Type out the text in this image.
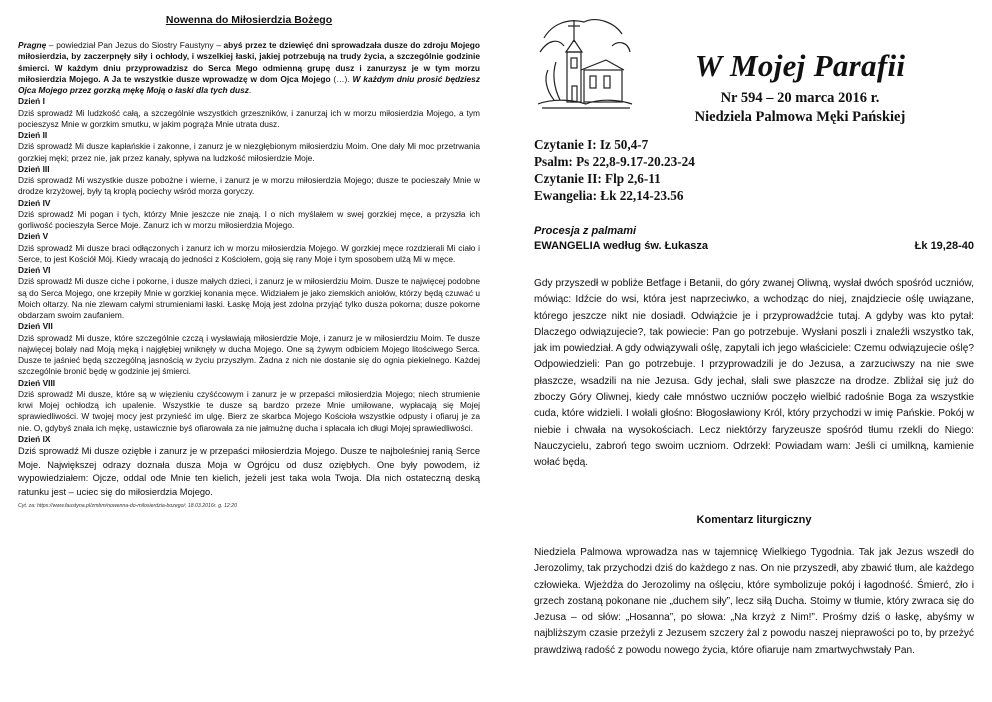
Nowenna do Miłosierdzia Bożego

Pragnę – powiedział Pan Jezus do Siostry Faustyny – abyś przez te dziewięć dni sprowadzała dusze do zdroju Mojego miłosierdzia, by zaczerpnęły siły i ochłody, i wszelkiej łaski, jakiej potrzebują na trudy życia, a szczególnie godzinie śmierci. W każdym dniu przyprowadzisz do Serca Mego odmienną grupę dusz i zanurzysz je w tym morzu miłosierdzia Mojego. A Ja te wszystkie dusze wprowadzę w dom Ojca Mojego (…). W każdym dniu prosić będziesz Ojca Mojego przez gorzką mękę Moją o łaski dla tych dusz.

Dzień I

Dziś sprowadź Mi ludzkość całą, a szczególnie wszystkich grzeszników, i zanurzaj ich w morzu miłosierdzia Mojego, a tym pocieszysz Mnie w gorzkim smutku, w jakim pogrąża Mnie utrata dusz.

Dzień II

Dziś sprowadź Mi dusze kapłańskie i zakonne, i zanurz je w niezgłębionym miłosierdziu Moim. One dały Mi moc przetrwania gorzkiej męki; przez nie, jak przez kanały, spływa na ludzkość miłosierdzie Moje.

Dzień III

Dziś sprowadź Mi wszystkie dusze pobożne i wierne, i zanurz je w morzu miłosierdzia Mojego; dusze te pocieszały Mnie w drodze krzyżowej, były tą kroplą pociechy wśród morza goryczy.

Dzień IV

Dziś sprowadź Mi pogan i tych, którzy Mnie jeszcze nie znają. I o nich myślałem w swej gorzkiej męce, a przyszła ich gorliwość pocieszyła Serce Moje. Zanurz ich w morzu miłosierdzia Mojego.

Dzień V

Dziś sprowadź Mi dusze braci odłączonych i zanurz ich w morzu miłosierdzia Mojego. W gorzkiej męce rozdzierali Mi ciało i Serce, to jest Kościół Mój. Kiedy wracają do jedności z Kościołem, goją się rany Moje i tym sposobem ulżą Mi w męce.

Dzień VI

Dziś sprowadź Mi dusze ciche i pokorne, i dusze małych dzieci, i zanurz je w miłosierdziu Moim. Dusze te najwięcej podobne są do Serca Mojego, one krzepiły Mnie w gorzkiej konania męce. Widziałem je jako ziemskich aniołów, którzy będą czuwać u Moich ołtarzy. Na nie zlewam całymi strumieniami łaski. Łaskę Moją jest zdolna przyjąć tylko dusza pokorna; dusze pokorne obdarzam swoim zaufaniem.

Dzień VII

Dziś sprowadź Mi dusze, które szczególnie czczą i wysławiają miłosierdzie Moje, i zanurz je w miłosierdziu Moim. Te dusze najwięcej bolały nad Moją męką i najgłębiej wniknęły w ducha Mojego. One są żywym odbiciem Mojego litościwego Serca. Dusze te jaśnieć będą szczególną jasnością w życiu przyszłym. Żadna z nich nie dostanie się do ognia piekielnego. Każdej szczególnie bronić będę w godzinie jej śmierci.

Dzień VIII

Dziś sprowadź Mi dusze, które są w więzieniu czyśćcowym i zanurz je w przepaści miłosierdzia Mojego; niech strumienie krwi Mojej ochłodzą ich upalenie. Wszystkie te dusze są bardzo przeze Mnie umiłowane, wypłacają się Mojej sprawiedliwości. W twojej mocy jest przynieść im ulgę. Bierz ze skarbca Mojego Kościoła wszystkie odpusty i ofiaruj je za nie. O, gdybyś znała ich mękę, ustawicznie byś ofiarowała za nie jałmużnę ducha i spłacała ich długi Mojej sprawiedliwości.

Dzień IX

Dziś sprowadź Mi dusze oziębłe i zanurz je w przepaści miłosierdzia Mojego. Dusze te najboleśniej ranią Serce Moje. Największej odrazy doznała dusza Moja w Ogrójcu od dusz oziębłych. One były powodem, iż wypowiedziałem: Ojcze, oddal ode Mnie ten kielich, jeżeli jest taka wola Twoja. Dla nich ostateczną deską ratunku jest – uciec się do miłosierdzia Mojego.

Cyt. za: https://www.faustyna.pl/zmbm/nowenna-do-milosierdzia-bozego/; 18.03.2016r. g. 12:20
W Mojej Parafii
Nr 594 – 20 marca 2016 r.
Niedziela Palmowa Męki Pańskiej
Czytanie I: Iz 50,4-7
Psalm: Ps 22,8-9.17-20.23-24
Czytanie II: Flp 2,6-11
Ewangelia: Łk 22,14-23.56
Procesja z palmami
EWANGELIA według św. Łukasza	Łk 19,28-40

Gdy przyszedł w pobliże Betfage i Betanii, do góry zwanej Oliwną, wysłał dwóch spośród uczniów, mówiąc: Idźcie do wsi, która jest naprzeciwko, a wchodząc do niej, znajdziecie oślę uwiązane, którego jeszcze nikt nie dosiadł. Odwiążcie je i przyprowadźcie tutaj. A gdyby was kto pytał: Dlaczego odwiązujecie?, tak powiecie: Pan go potrzebuje. Wysłani poszli i znaleźli wszystko tak, jak im powiedział. A gdy odwiązywali oślę, zapytali ich jego właściciele: Czemu odwiązujecie oślę? Odpowiedzieli: Pan go potrzebuje. I przyprowadzili je do Jezusa, a zarzuciwszy na nie swe płaszcze, wsadzili na nie Jezusa. Gdy jechał, słali swe płaszcze na drodze. Zbliżał się już do zboczy Góry Oliwnej, kiedy całe mnóstwo uczniów poczęło wielbić radośnie Boga za wszystkie cuda, które widzieli. I wołali głośno: Błogosławiony Król, który przychodzi w imię Pańskie. Pokój w niebie i chwała na wysokościach. Lecz niektórzy faryzeusze spośród tłumu rzekli do Niego: Nauczycielu, zabroń tego swoim uczniom. Odrzekł: Powiadam wam: Jeśli ci umilkną, kamienie wołać będą.

Komentarz liturgiczny

Niedziela Palmowa wprowadza nas w tajemnicę Wielkiego Tygodnia. Tak jak Jezus wszedł do Jerozolimy, tak przychodzi dziś do każdego z nas. On nie przyszedł, aby zbawić tłum, ale każdego człowieka. Wjeżdża do Jerozolimy na oślęciu, które symbolizuje pokój i łagodność. Śmierć, zło i grzech zostaną pokonane nie „duchem siły”, lecz siłą Ducha. Stoimy w tłumie, który zwraca się do Jezusa – od słów: „Hosanna”, po słowa: „Na krzyż z Nim!”. Prośmy dziś o łaskę, abyśmy w najbliższym czasie przeżyli z Jezusem szczery żal z powodu naszej nieprawości po to, by przeżyć prawdziwą radość z powodu nowego życia, które ofiaruje nam zmartwychwstały Pan.
